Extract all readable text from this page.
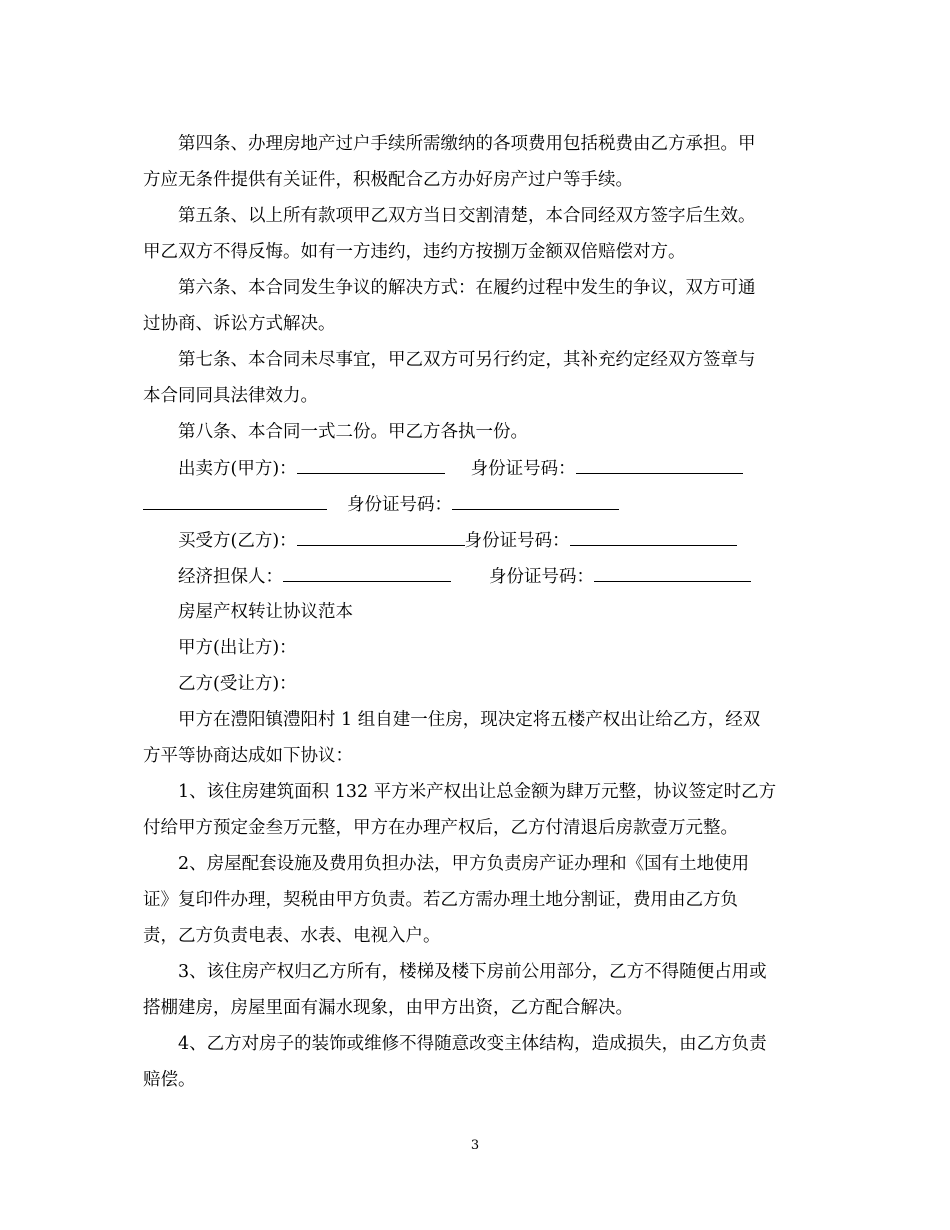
第四条、办理房地产过户手续所需缴纳的各项费用包括税费由乙方承担。甲
方应无条件提供有关证件，积极配合乙方办好房产过户等手续。
第五条、以上所有款项甲乙双方当日交割清楚，本合同经双方签字后生效。
甲乙双方不得反悔。如有一方违约，违约方按捌万金额双倍赔偿对方。
第六条、本合同发生争议的解决方式：在履约过程中发生的争议，双方可通
过协商、诉讼方式解决。
第七条、本合同未尽事宜，甲乙双方可另行约定，其补充约定经双方签章与
本合同同具法律效力。
第八条、本合同一式二份。甲乙方各执一份。
出卖方(甲方)：	身份证号码：
身份证号码：
买受方(乙方)：	身份证号码：
经济担保人：	身份证号码：
房屋产权转让协议范本
甲方(出让方)：
乙方(受让方)：
甲方在澧阳镇澧阳村 1 组自建一住房，现决定将五楼产权出让给乙方，经双
方平等协商达成如下协议：
1、该住房建筑面积 132 平方米产权出让总金额为肆万元整，协议签定时乙方
付给甲方预定金叁万元整，甲方在办理产权后，乙方付清退后房款壹万元整。
2、房屋配套设施及费用负担办法，甲方负责房产证办理和《国有土地使用
证》复印件办理，契税由甲方负责。若乙方需办理土地分割证，费用由乙方负
责，乙方负责电表、水表、电视入户。
3、该住房产权归乙方所有，楼梯及楼下房前公用部分，乙方不得随便占用或
搭棚建房，房屋里面有漏水现象，由甲方出资，乙方配合解决。
4、乙方对房子的装饰或维修不得随意改变主体结构，造成损失，由乙方负责
赔偿。
3
